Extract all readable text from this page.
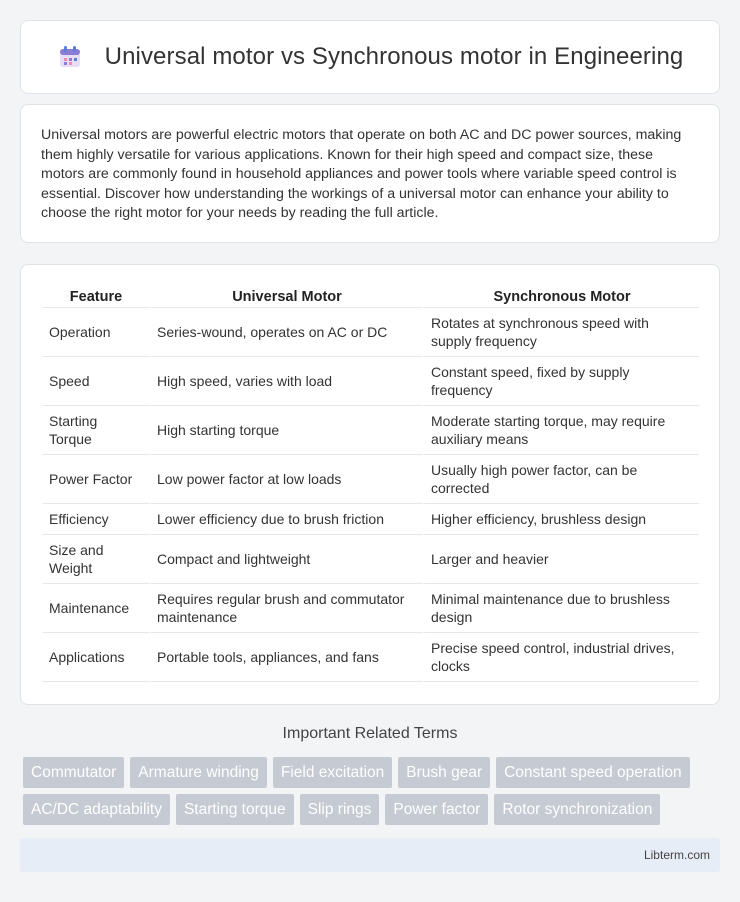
Universal motor vs Synchronous motor in Engineering

Universal motors are powerful electric motors that operate on both AC and DC power sources, making them highly versatile for various applications. Known for their high speed and compact size, these motors are commonly found in household appliances and power tools where variable speed control is essential. Discover how understanding the workings of a universal motor can enhance your ability to choose the right motor for your needs by reading the full article.

Feature	Universal Motor	Synchronous Motor
Operation	Series-wound, operates on AC or DC	Rotates at synchronous speed with supply frequency
Speed	High speed, varies with load	Constant speed, fixed by supply frequency
Starting Torque	High starting torque	Moderate starting torque, may require auxiliary means
Power Factor	Low power factor at low loads	Usually high power factor, can be corrected
Efficiency	Lower efficiency due to brush friction	Higher efficiency, brushless design
Size and Weight	Compact and lightweight	Larger and heavier
Maintenance	Requires regular brush and commutator maintenance	Minimal maintenance due to brushless design
Applications	Portable tools, appliances, and fans	Precise speed control, industrial drives, clocks
Important Related Terms
Commutator	Armature winding	Field excitation	Brush gear	Constant speed operation
AC/DC adaptability	Starting torque	Slip rings	Power factor	Rotor synchronization
Libterm.com
